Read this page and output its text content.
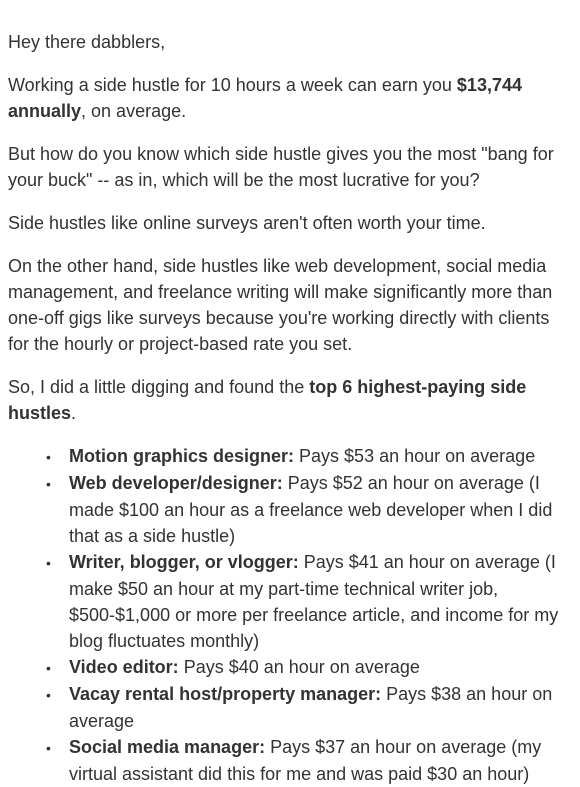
Hey there dabblers,

Working a side hustle for 10 hours a week can earn you $13,744 annually, on average.

But how do you know which side hustle gives you the most "bang for your buck" -- as in, which will be the most lucrative for you?

Side hustles like online surveys aren't often worth your time.

On the other hand, side hustles like web development, social media management, and freelance writing will make significantly more than one-off gigs like surveys because you're working directly with clients for the hourly or project-based rate you set.

So, I did a little digging and found the top 6 highest-paying side hustles.

• Motion graphics designer: Pays $53 an hour on average
• Web developer/designer: Pays $52 an hour on average (I made $100 an hour as a freelance web developer when I did that as a side hustle)
• Writer, blogger, or vlogger: Pays $41 an hour on average (I make $50 an hour at my part-time technical writer job, $500-$1,000 or more per freelance article, and income for my blog fluctuates monthly)
• Video editor: Pays $40 an hour on average
• Vacay rental host/property manager: Pays $38 an hour on average
• Social media manager: Pays $37 an hour on average (my virtual assistant did this for me and was paid $30 an hour)
